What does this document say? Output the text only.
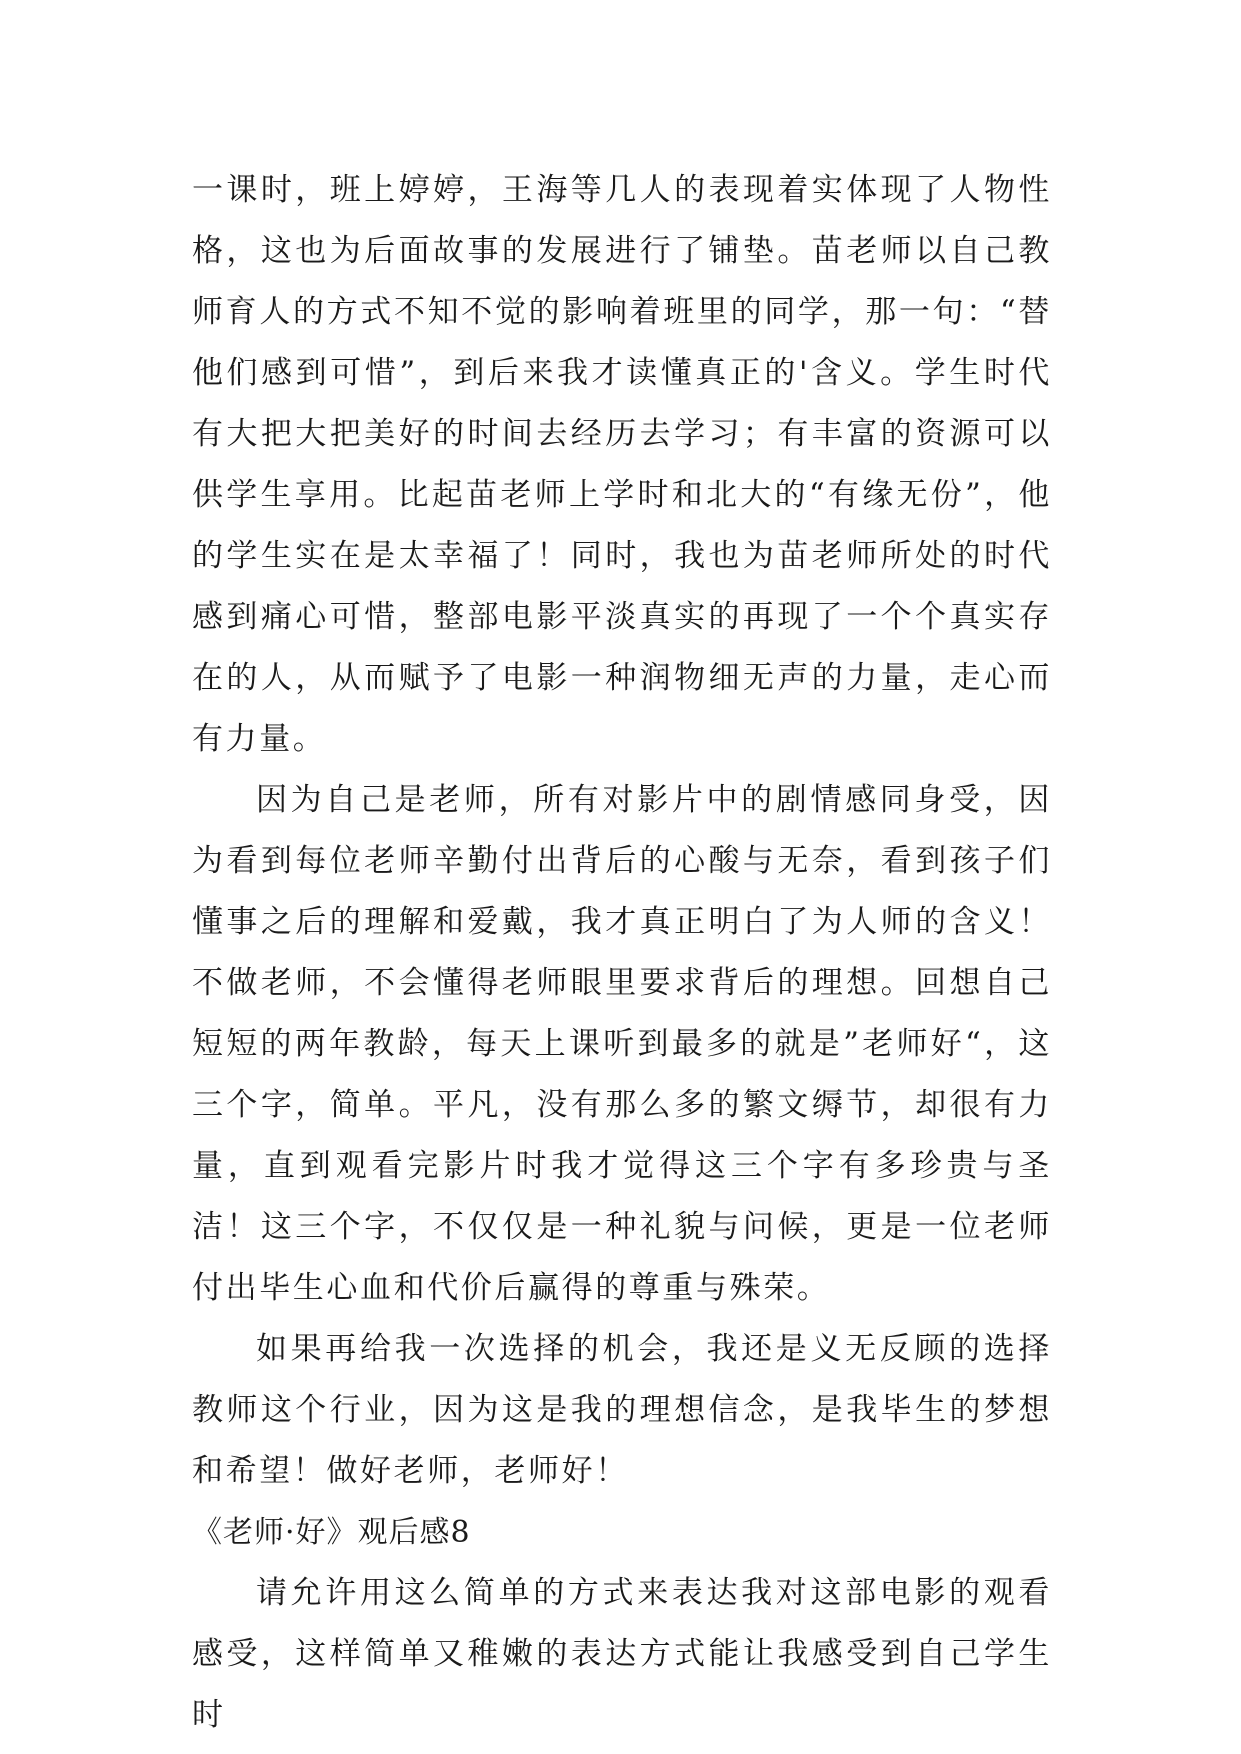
一课时，班上婷婷，王海等几人的表现着实体现了人物性格，这也为后面故事的发展进行了铺垫。苗老师以自己教师育人的方式不知不觉的影响着班里的同学，那一句：“替他们感到可惜”，到后来我才读懂真正的'含义。学生时代有大把大把美好的时间去经历去学习；有丰富的资源可以供学生享用。比起苗老师上学时和北大的“有缘无份”，他的学生实在是太幸福了！同时，我也为苗老师所处的时代感到痛心可惜，整部电影平淡真实的再现了一个个真实存在的人，从而赋予了电影一种润物细无声的力量，走心而有力量。

因为自己是老师，所有对影片中的剧情感同身受，因为看到每位老师辛勤付出背后的心酸与无奈，看到孩子们懂事之后的理解和爱戴，我才真正明白了为人师的含义！不做老师，不会懂得老师眼里要求背后的理想。回想自己短短的两年教龄，每天上课听到最多的就是”老师好“，这三个字，简单。平凡，没有那么多的繁文缛节，却很有力量，直到观看完影片时我才觉得这三个字有多珍贵与圣洁！这三个字，不仅仅是一种礼貌与问候，更是一位老师付出毕生心血和代价后赢得的尊重与殊荣。

如果再给我一次选择的机会，我还是义无反顾的选择教师这个行业，因为这是我的理想信念，是我毕生的梦想和希望！做好老师，老师好！

《老师·好》观后感8

请允许用这么简单的方式来表达我对这部电影的观看感受，这样简单又稚嫩的表达方式能让我感受到自己学生时
